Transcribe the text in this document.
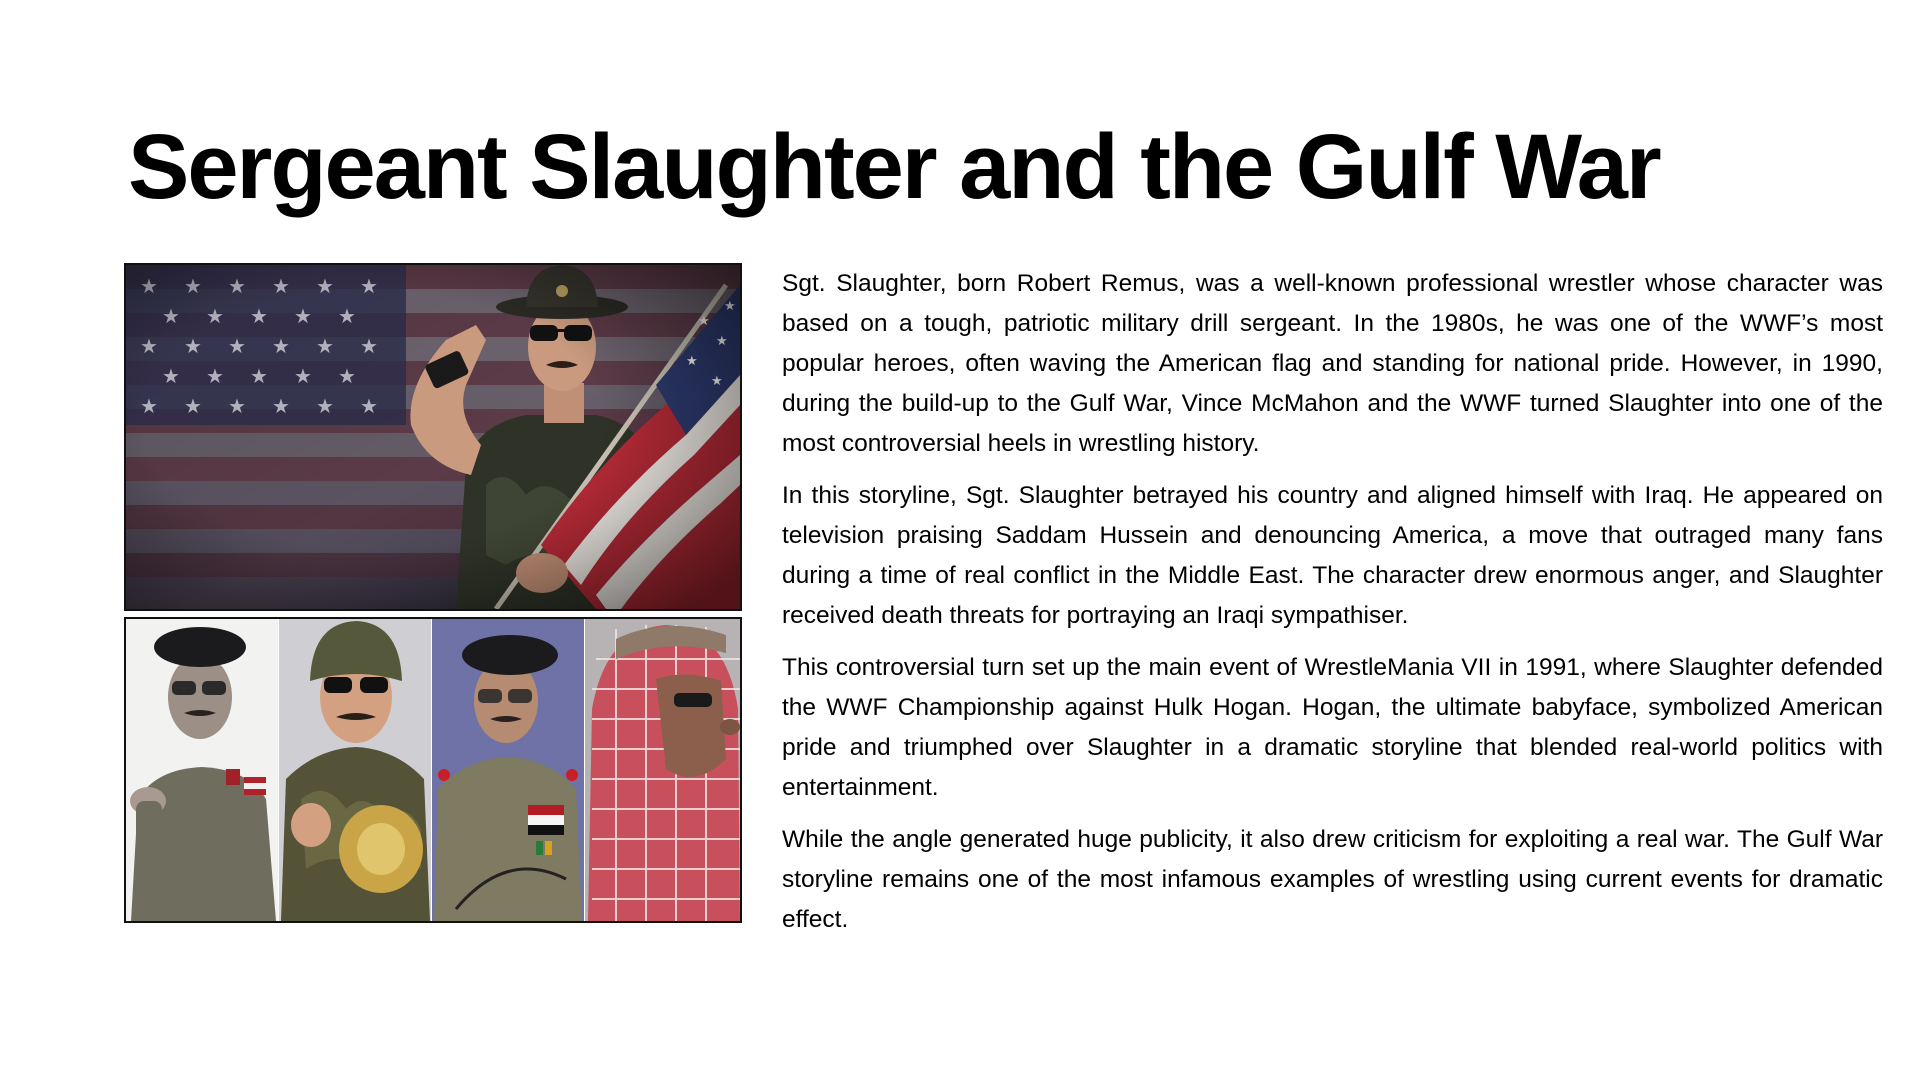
Sergeant Slaughter and the Gulf War

Sgt. Slaughter, born Robert Remus, was a well-known professional wrestler whose character was based on a tough, patriotic military drill sergeant. In the 1980s, he was one of the WWF’s most popular heroes, often waving the American flag and standing for national pride. However, in 1990, during the build-up to the Gulf War, Vince McMahon and the WWF turned Slaughter into one of the most controversial heels in wrestling history.

In this storyline, Sgt. Slaughter betrayed his country and aligned himself with Iraq. He appeared on television praising Saddam Hussein and denouncing America, a move that outraged many fans during a time of real conflict in the Middle East. The character drew enormous anger, and Slaughter received death threats for portraying an Iraqi sympathiser.

This controversial turn set up the main event of WrestleMania VII in 1991, where Slaughter defended the WWF Championship against Hulk Hogan. Hogan, the ultimate babyface, symbolized American pride and triumphed over Slaughter in a dramatic storyline that blended real-world politics with entertainment.

While the angle generated huge publicity, it also drew criticism for exploiting a real war. The Gulf War storyline remains one of the most infamous examples of wrestling using current events for dramatic effect.
